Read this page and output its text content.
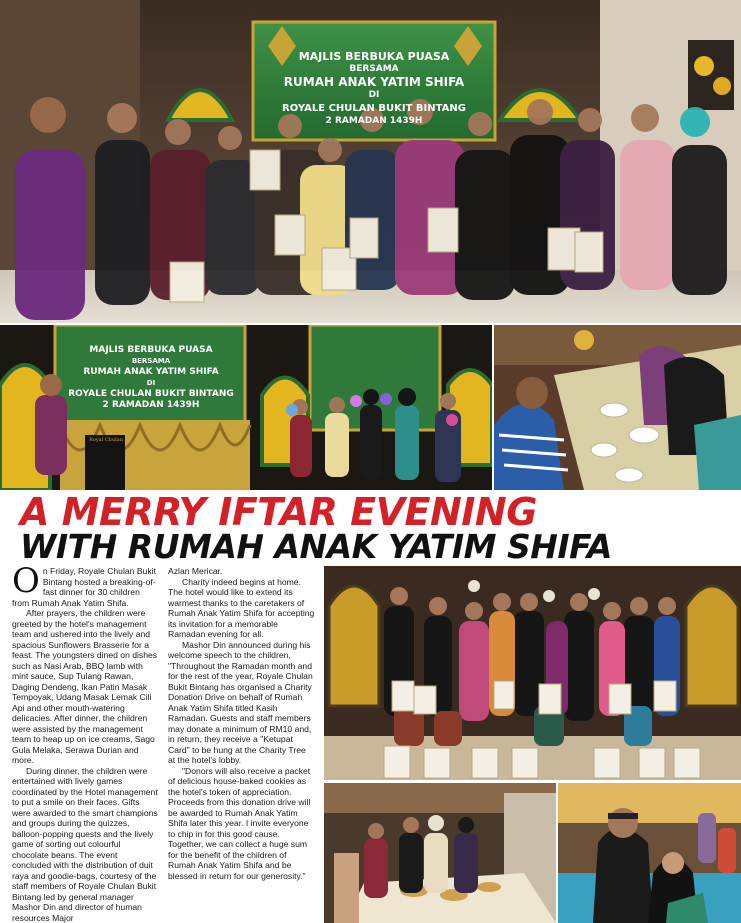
MAJLIS BERBUKA PUASA
BERSAMA
RUMAH ANAK YATIM SHIFA
DI
ROYALE CHULAN BUKIT BINTANG
2 RAMADAN 1439H
MAJLIS BERBUKA PUASA
BERSAMA
RUMAH ANAK YATIM SHIFA
DI
ROYALE CHULAN BUKIT BINTANG
2 RAMADAN 1439H
Royal Chulan
A MERRY IFTAR EVENING
WITH RUMAH ANAK YATIM SHIFA

On Friday, Royale Chulan Bukit Bintang hosted a breaking-of-fast dinner for 30 children from Rumah Anak Yatim Shifa.

After prayers, the children were greeted by the hotel's management team and ushered into the lively and spacious Sunflowers Brasserie for a feast. The youngsters dined on dishes such as Nasi Arab, BBQ lamb with mint sauce, Sup Tulang Rawan, Daging Dendeng, Ikan Patin Masak Tempoyak, Udang Masak Lemak Cili Api and other mouth-watering delicacies. After dinner, the children were assisted by the management team to heap up on ice creams, Sago Gula Melaka, Serawa Durian and more.

During dinner, the children were entertained with lively games coordinated by the Hotel management to put a smile on their faces. Gifts were awarded to the smart champions and groups during the quizzes, balloon-popping quests and the lively game of sorting out colourful chocolate beans. The event concluded with the distribution of duit raya and goodie-bags, courtesy of the staff members of Royale Chulan Bukit Bintang led by general manager Mashor Din and director of human resources Major

Azlan Mericar.

Charity indeed begins at home. The hotel would like to extend its warmest thanks to the caretakers of Rumah Anak Yatim Shifa for accepting its invitation for a memorable Ramadan evening for all.

Mashor Din announced during his welcome speech to the children, "Throughout the Ramadan month and for the rest of the year, Royale Chulan Bukit Bintang has organised a Charity Donation Drive on behalf of Rumah Anak Yatim Shifa titled Kasih Ramadan. Guests and staff members may donate a minimum of RM10 and, in return, they receive a "Ketupat Card" to be hung at the Charity Tree at the hotel's lobby.

"Donors will also receive a packet of delicious house-baked cookies as the hotel's token of appreciation. Proceeds from this donation drive will be awarded to Rumah Anak Yatim Shifa later this year. I invite everyone to chip in for this good cause. Together, we can collect a huge sum for the benefit of the children of Rumah Anak Yatim Shifa and be blessed in return for our generosity."
